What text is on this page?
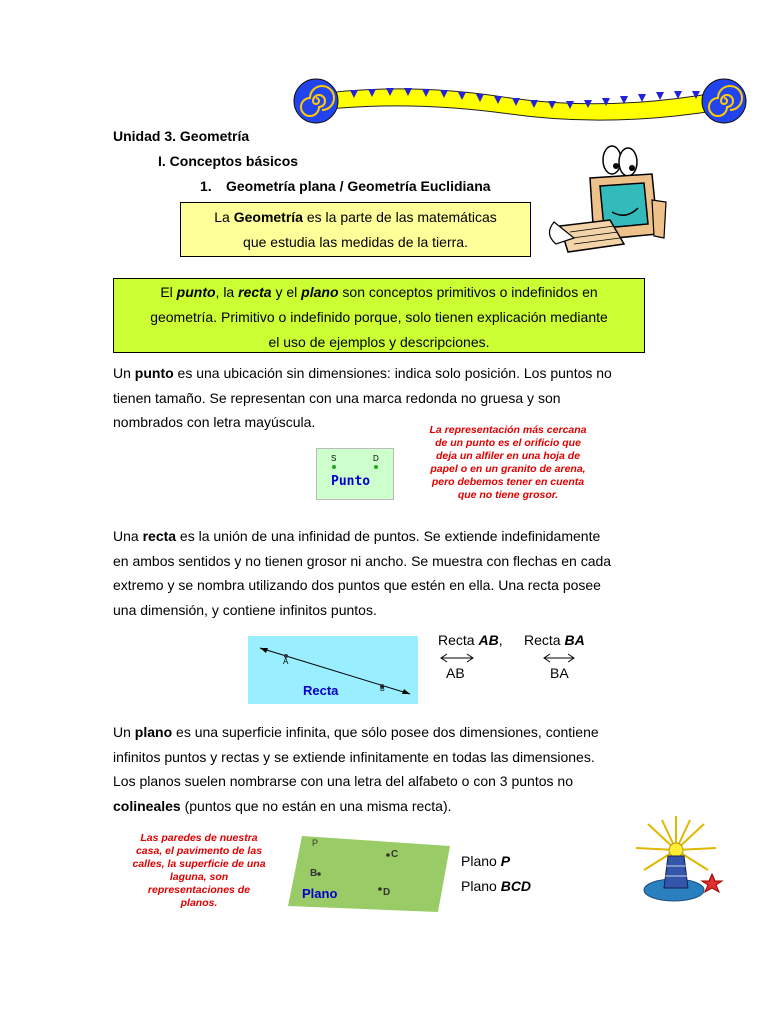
Unidad 3. Geometría
I. Conceptos básicos
1. Geometría plana / Geometría Euclidiana
La Geometría es la parte de las matemáticas
que estudia las medidas de la tierra.
El punto, la recta y el plano son conceptos primitivos o indefinidos en
geometría. Primitivo o indefinido porque, solo tienen explicación mediante
el uso de ejemplos y descripciones.
Un punto es una ubicación sin dimensiones: indica solo posición. Los puntos no
tienen tamaño. Se representan con una marca redonda no gruesa y son
nombrados con letra mayúscula.	La representación más cercana
de un punto es el orificio que
deja un alfiler en una hoja de
papel o en un granito de arena,
pero debemos tener en cuenta
que no tiene grosor.
S	D
Punto
Una recta es la unión de una infinidad de puntos. Se extiende indefinidamente
en ambos sentidos y no tienen grosor ni ancho. Se muestra con flechas en cada
extremo y se nombra utilizando dos puntos que estén en ella. Una recta posee
una dimensión, y contiene infinitos puntos.
A
B
Recta
Recta AB, Recta BA
AB	BA
Un plano es una superficie infinita, que sólo posee dos dimensiones, contiene
infinitos puntos y rectas y se extiende infinitamente en todas las dimensiones.
Los planos suelen nombrarse con una letra del alfabeto o con 3 puntos no
colineales (puntos que no están en una misma recta).
Las paredes de nuestra
casa, el pavimento de las
calles, la superficie de una
laguna, son
representaciones de
planos.
P
C
B
D
Plano
Plano P
Plano BCD
